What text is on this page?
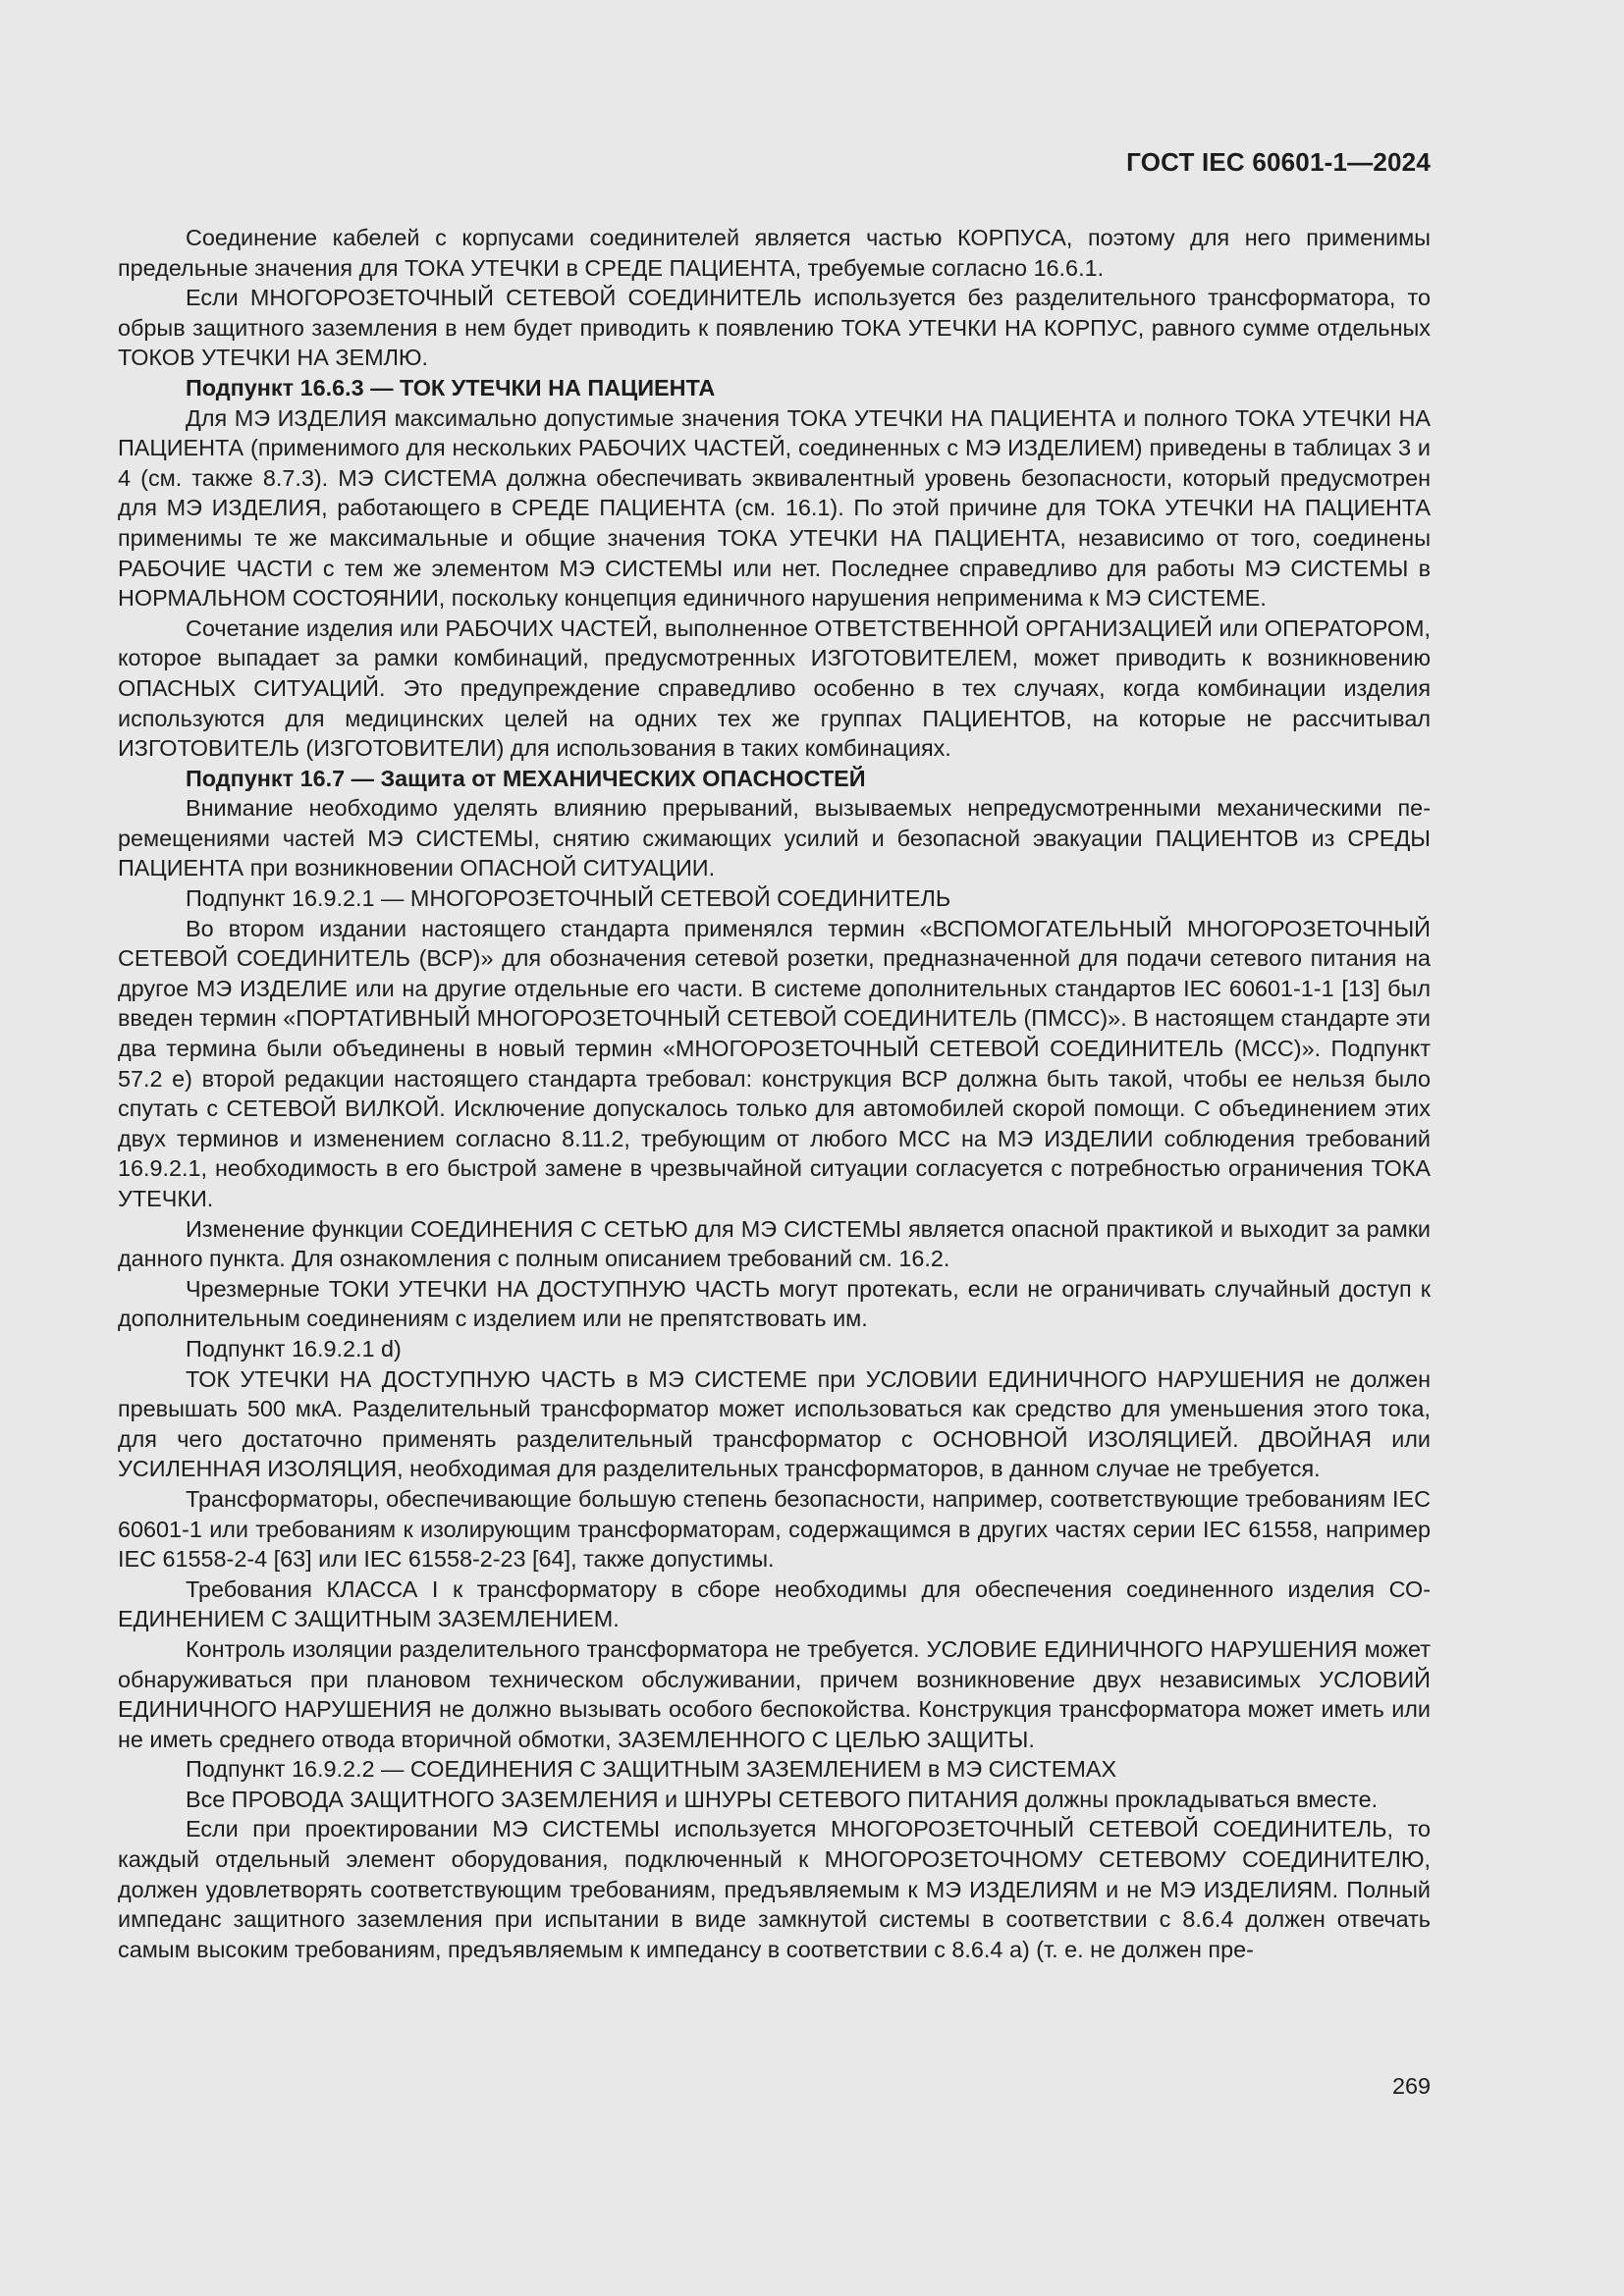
ГОСТ IEC 60601-1—2024

Соединение кабелей с корпусами соединителей является частью КОРПУСА, поэтому для него применимы предельные значения для ТОКА УТЕЧКИ в СРЕДЕ ПАЦИЕНТА, требуемые согласно 16.6.1.

Если МНОГОРОЗЕТОЧНЫЙ СЕТЕВОЙ СОЕДИНИТЕЛЬ используется без разделительного трансформатора, то обрыв защитного заземления в нем будет приводить к появлению ТОКА УТЕЧКИ НА КОРПУС, равного сумме отдельных ТОКОВ УТЕЧКИ НА ЗЕМЛЮ.

Подпункт 16.6.3 — ТОК УТЕЧКИ НА ПАЦИЕНТА

Для МЭ ИЗДЕЛИЯ максимально допустимые значения ТОКА УТЕЧКИ НА ПАЦИЕНТА и полного ТОКА УТЕЧКИ НА ПАЦИЕНТА (применимого для нескольких РАБОЧИХ ЧАСТЕЙ, соединенных с МЭ ИЗДЕЛИЕМ) приведены в таблицах 3 и 4 (см. также 8.7.3). МЭ СИСТЕМА должна обеспечивать эквивалентный уровень безопасности, который предусмотрен для МЭ ИЗДЕЛИЯ, работающего в СРЕДЕ ПАЦИЕНТА (см. 16.1). По этой причине для ТОКА УТЕЧКИ НА ПАЦИЕНТА применимы те же максимальные и общие значения ТОКА УТЕЧКИ НА ПАЦИЕНТА, независимо от того, соединены РАБОЧИЕ ЧАСТИ с тем же элементом МЭ СИСТЕМЫ или нет. Последнее справедливо для работы МЭ СИСТЕМЫ в НОРМАЛЬНОМ СОСТОЯНИИ, поскольку концепция единичного нарушения неприменима к МЭ СИСТЕМЕ.

Сочетание изделия или РАБОЧИХ ЧАСТЕЙ, выполненное ОТВЕТСТВЕННОЙ ОРГАНИЗАЦИЕЙ или ОПЕРАТОРОМ, которое выпадает за рамки комбинаций, предусмотренных ИЗГОТОВИТЕЛЕМ, может приводить к возникновению ОПАСНЫХ СИТУАЦИЙ. Это предупреждение справедливо особенно в тех случаях, когда комбинации изделия используются для медицинских целей на одних тех же группах ПАЦИЕНТОВ, на которые не рассчитывал ИЗГОТОВИТЕЛЬ (ИЗГОТОВИТЕЛИ) для использования в таких комбинациях.

Подпункт 16.7 — Защита от МЕХАНИЧЕСКИХ ОПАСНОСТЕЙ

Внимание необходимо уделять влиянию прерываний, вызываемых непредусмотренными механическими перемещениями частей МЭ СИСТЕМЫ, снятию сжимающих усилий и безопасной эвакуации ПАЦИЕНТОВ из СРЕДЫ ПАЦИЕНТА при возникновении ОПАСНОЙ СИТУАЦИИ.

Подпункт 16.9.2.1 — МНОГОРОЗЕТОЧНЫЙ СЕТЕВОЙ СОЕДИНИТЕЛЬ

Во втором издании настоящего стандарта применялся термин «ВСПОМОГАТЕЛЬНЫЙ МНОГОРОЗЕТОЧНЫЙ СЕТЕВОЙ СОЕДИНИТЕЛЬ (ВСР)» для обозначения сетевой розетки, предназначенной для подачи сетевого питания на другое МЭ ИЗДЕЛИЕ или на другие отдельные его части. В системе дополнительных стандартов IEC 60601-1-1 [13] был введен термин «ПОРТАТИВНЫЙ МНОГОРОЗЕТОЧНЫЙ СЕТЕВОЙ СОЕДИНИТЕЛЬ (ПМСС)». В настоящем стандарте эти два термина были объединены в новый термин «МНОГОРОЗЕТОЧНЫЙ СЕТЕВОЙ СОЕДИНИТЕЛЬ (МСС)». Подпункт 57.2 е) второй редакции настоящего стандарта требовал: конструкция ВСР должна быть такой, чтобы ее нельзя было спутать с СЕТЕВОЙ ВИЛКОЙ. Исключение допускалось только для автомобилей скорой помощи. С объединением этих двух терминов и изменением согласно 8.11.2, требующим от любого МСС на МЭ ИЗДЕЛИИ соблюдения требований 16.9.2.1, необходимость в его быстрой замене в чрезвычайной ситуации согласуется с потребностью ограничения ТОКА УТЕЧКИ.

Изменение функции СОЕДИНЕНИЯ С СЕТЬЮ для МЭ СИСТЕМЫ является опасной практикой и выходит за рамки данного пункта. Для ознакомления с полным описанием требований см. 16.2.

Чрезмерные ТОКИ УТЕЧКИ НА ДОСТУПНУЮ ЧАСТЬ могут протекать, если не ограничивать случайный доступ к дополнительным соединениям с изделием или не препятствовать им.

Подпункт 16.9.2.1 d)

ТОК УТЕЧКИ НА ДОСТУПНУЮ ЧАСТЬ в МЭ СИСТЕМЕ при УСЛОВИИ ЕДИНИЧНОГО НАРУШЕНИЯ не должен превышать 500 мкА. Разделительный трансформатор может использоваться как средство для уменьшения этого тока, для чего достаточно применять разделительный трансформатор с ОСНОВНОЙ ИЗОЛЯЦИЕЙ. ДВОЙНАЯ или УСИЛЕННАЯ ИЗОЛЯЦИЯ, необходимая для разделительных трансформаторов, в данном случае не требуется.

Трансформаторы, обеспечивающие большую степень безопасности, например, соответствующие требованиям IEC 60601-1 или требованиям к изолирующим трансформаторам, содержащимся в других частях серии IEC 61558, например IEC 61558-2-4 [63] или IEC 61558-2-23 [64], также допустимы.

Требования КЛАССА I к трансформатору в сборе необходимы для обеспечения соединенного изделия СОЕДИНЕНИЕМ С ЗАЩИТНЫМ ЗАЗЕМЛЕНИЕМ.

Контроль изоляции разделительного трансформатора не требуется. УСЛОВИЕ ЕДИНИЧНОГО НАРУШЕНИЯ может обнаруживаться при плановом техническом обслуживании, причем возникновение двух независимых УСЛОВИЙ ЕДИНИЧНОГО НАРУШЕНИЯ не должно вызывать особого беспокойства. Конструкция трансформатора может иметь или не иметь среднего отвода вторичной обмотки, ЗАЗЕМЛЕННОГО С ЦЕЛЬЮ ЗАЩИТЫ.

Подпункт 16.9.2.2 — СОЕДИНЕНИЯ С ЗАЩИТНЫМ ЗАЗЕМЛЕНИЕМ в МЭ СИСТЕМАХ

Все ПРОВОДА ЗАЩИТНОГО ЗАЗЕМЛЕНИЯ и ШНУРЫ СЕТЕВОГО ПИТАНИЯ должны прокладываться вместе.

Если при проектировании МЭ СИСТЕМЫ используется МНОГОРОЗЕТОЧНЫЙ СЕТЕВОЙ СОЕДИНИТЕЛЬ, то каждый отдельный элемент оборудования, подключенный к МНОГОРОЗЕТОЧНОМУ СЕТЕВОМУ СОЕДИНИТЕЛЮ, должен удовлетворять соответствующим требованиям, предъявляемым к МЭ ИЗДЕЛИЯМ и не МЭ ИЗДЕЛИЯМ. Полный импеданс защитного заземления при испытании в виде замкнутой системы в соответствии с 8.6.4 должен отвечать самым высоким требованиям, предъявляемым к импедансу в соответствии с 8.6.4 а) (т. е. не должен пре-

269
